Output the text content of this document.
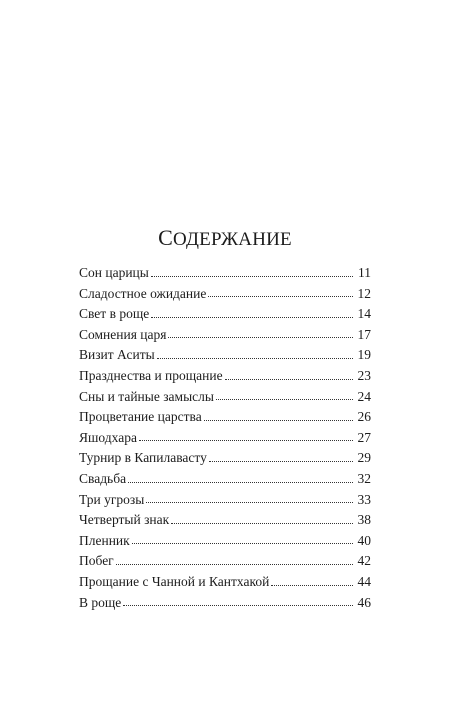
СОДЕРЖАНИЕ
Сон царицы	11
Сладостное ожидание	12
Свет в роще	14
Сомнения царя	17
Визит Аситы	19
Празднества и прощание	23
Сны и тайные замыслы	24
Процветание царства	26
Яшодхара	27
Турнир в Капилавасту	29
Свадьба	32
Три угрозы	33
Четвертый знак	38
Пленник	40
Побег	42
Прощание с Чанной и Кантхакой	44
В роще	46
